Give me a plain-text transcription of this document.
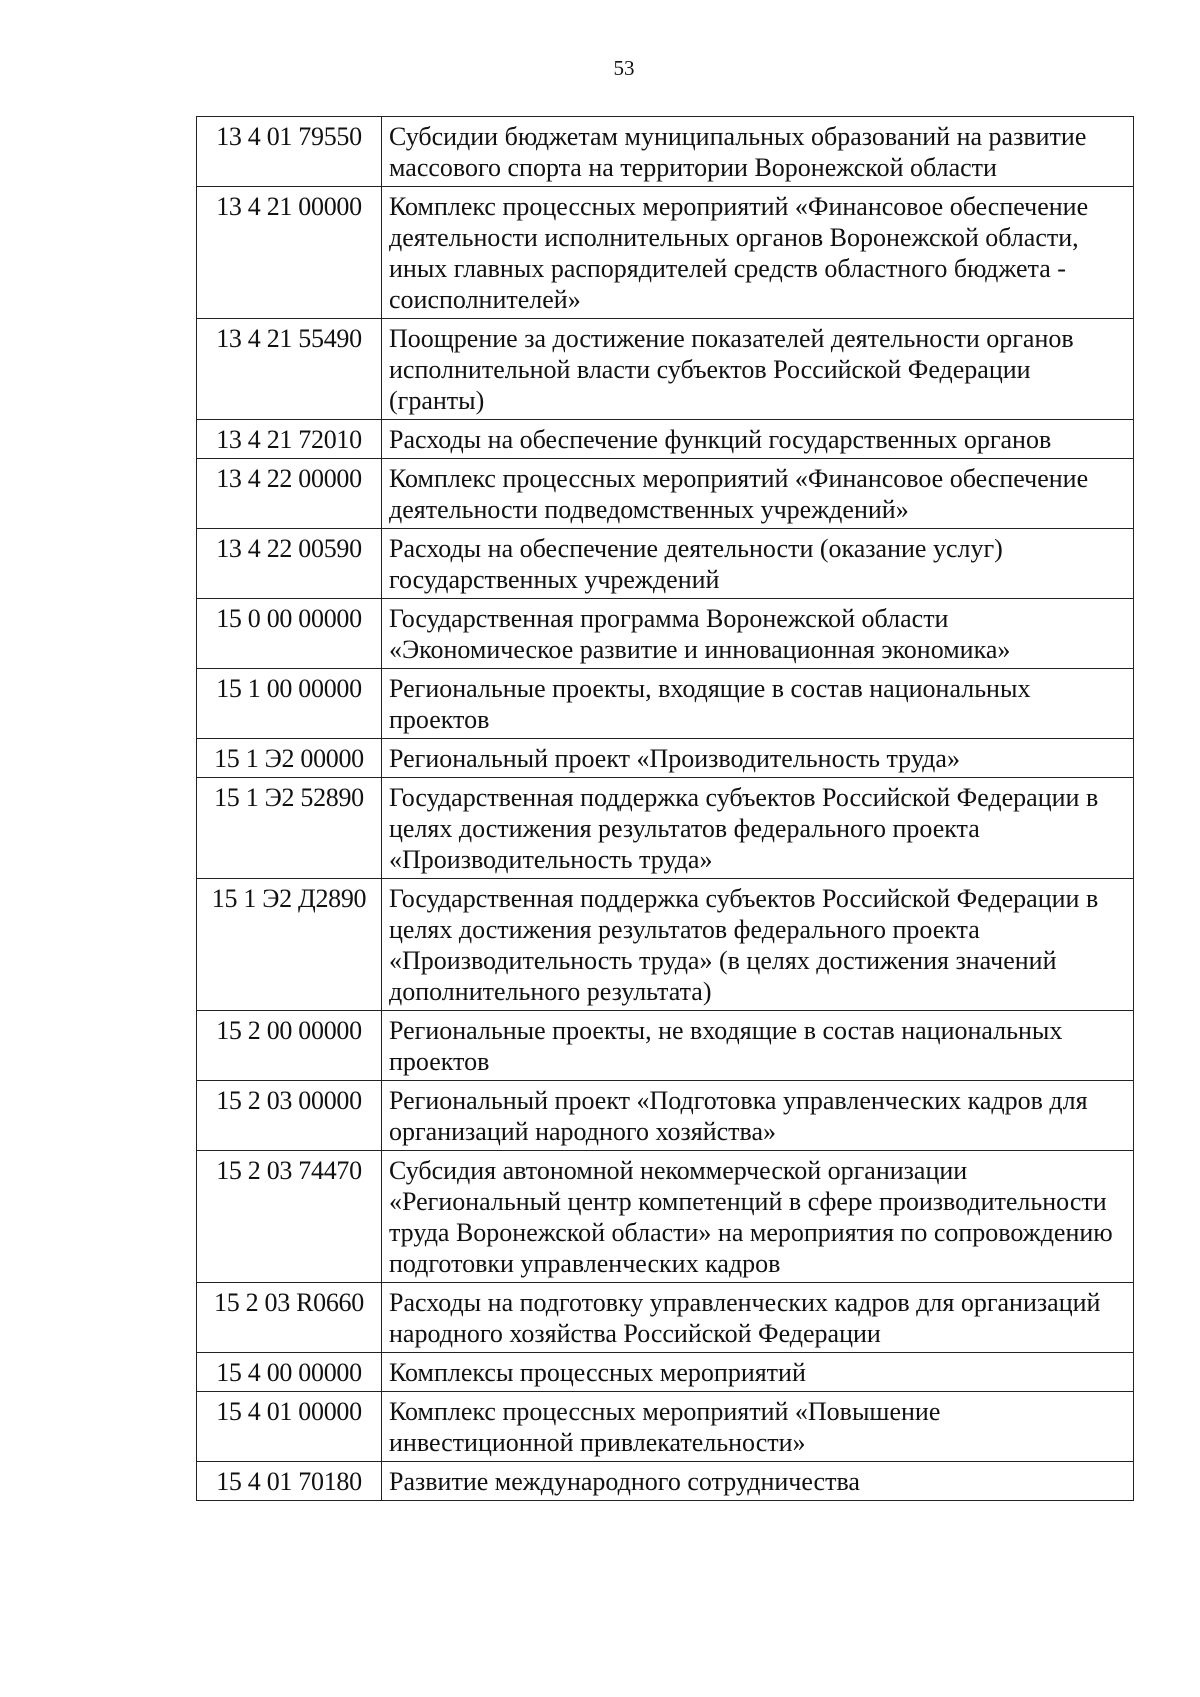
53
13 4 01 79550	Субсидии бюджетам муниципальных образований на развитие массового спорта на территории Воронежской области
13 4 21 00000	Комплекс процессных мероприятий «Финансовое обеспечение деятельности исполнительных органов Воронежской области, иных главных распорядителей средств областного бюджета - соисполнителей»
13 4 21 55490	Поощрение за достижение показателей деятельности органов исполнительной власти субъектов Российской Федерации (гранты)
13 4 21 72010	Расходы на обеспечение функций государственных органов
13 4 22 00000	Комплекс процессных мероприятий «Финансовое обеспечение деятельности подведомственных учреждений»
13 4 22 00590	Расходы на обеспечение деятельности (оказание услуг) государственных учреждений
15 0 00 00000	Государственная программа Воронежской области «Экономическое развитие и инновационная экономика»
15 1 00 00000	Региональные проекты, входящие в состав национальных проектов
15 1 Э2 00000	Региональный проект «Производительность труда»
15 1 Э2 52890	Государственная поддержка субъектов Российской Федерации в целях достижения результатов федерального проекта «Производительность труда»
15 1 Э2 Д2890	Государственная поддержка субъектов Российской Федерации в целях достижения результатов федерального проекта «Производительность труда» (в целях достижения значений дополнительного результата)
15 2 00 00000	Региональные проекты, не входящие в состав национальных проектов
15 2 03 00000	Региональный проект «Подготовка управленческих кадров для организаций народного хозяйства»
15 2 03 74470	Субсидия автономной некоммерческой организации «Региональный центр компетенций в сфере производительности труда Воронежской области» на мероприятия по сопровождению подготовки управленческих кадров
15 2 03 R0660	Расходы на подготовку управленческих кадров для организаций народного хозяйства Российской Федерации
15 4 00 00000	Комплексы процессных мероприятий
15 4 01 00000	Комплекс процессных мероприятий «Повышение инвестиционной привлекательности»
15 4 01 70180	Развитие международного сотрудничества
